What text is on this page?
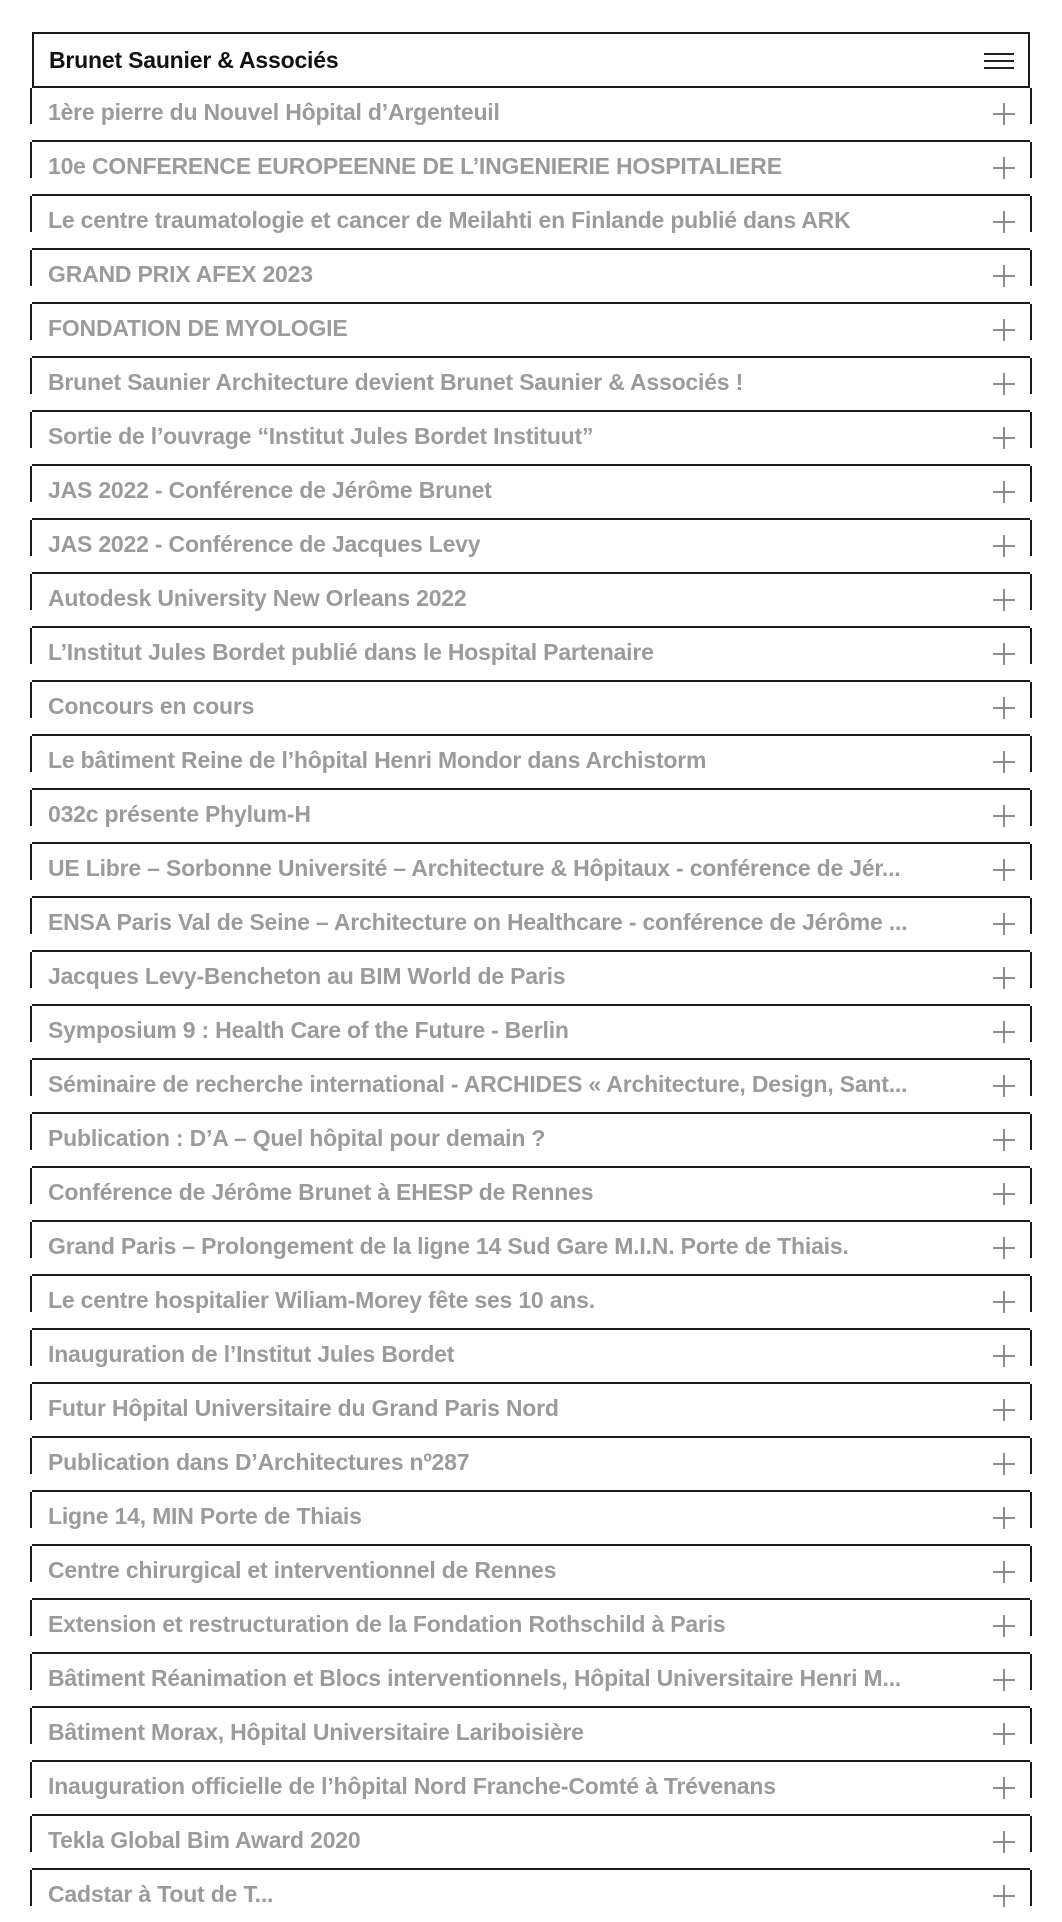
Brunet Saunier & Associés
1ère pierre du Nouvel Hôpital d’Argenteuil
10e CONFERENCE EUROPEENNE DE L’INGENIERIE HOSPITALIERE
Le centre traumatologie et cancer de Meilahti en Finlande publié dans ARK
GRAND PRIX AFEX 2023
FONDATION DE MYOLOGIE
Brunet Saunier Architecture devient Brunet Saunier & Associés !
Sortie de l’ouvrage “Institut Jules Bordet Instituut”
JAS 2022 - Conférence de Jérôme Brunet
JAS 2022 - Conférence de Jacques Levy
Autodesk University New Orleans 2022
L’Institut Jules Bordet publié dans le Hospital Partenaire
Concours en cours
Le bâtiment Reine de l’hôpital Henri Mondor dans Archistorm
032c présente Phylum-H
UE Libre – Sorbonne Université – Architecture & Hôpitaux - conférence de Jér...
ENSA Paris Val de Seine – Architecture on Healthcare - conférence de Jérôme ...
Jacques Levy-Bencheton au BIM World de Paris
Symposium 9 : Health Care of the Future - Berlin
Séminaire de recherche international - ARCHIDES « Architecture, Design, Sant...
Publication : D’A – Quel hôpital pour demain ?
Conférence de Jérôme Brunet à EHESP de Rennes
Grand Paris – Prolongement de la ligne 14 Sud Gare M.I.N. Porte de Thiais.
Le centre hospitalier Wiliam-Morey fête ses 10 ans.
Inauguration de l’Institut Jules Bordet
Futur Hôpital Universitaire du Grand Paris Nord
Publication dans D’Architectures nº287
Ligne 14, MIN Porte de Thiais
Centre chirurgical et interventionnel de Rennes
Extension et restructuration de la Fondation Rothschild à Paris
Bâtiment Réanimation et Blocs interventionnels, Hôpital Universitaire Henri M...
Bâtiment Morax, Hôpital Universitaire Lariboisière
Inauguration officielle de l’hôpital Nord Franche-Comté à Trévenans
Tekla Global Bim Award 2020
Cadstar à Tout de T...
